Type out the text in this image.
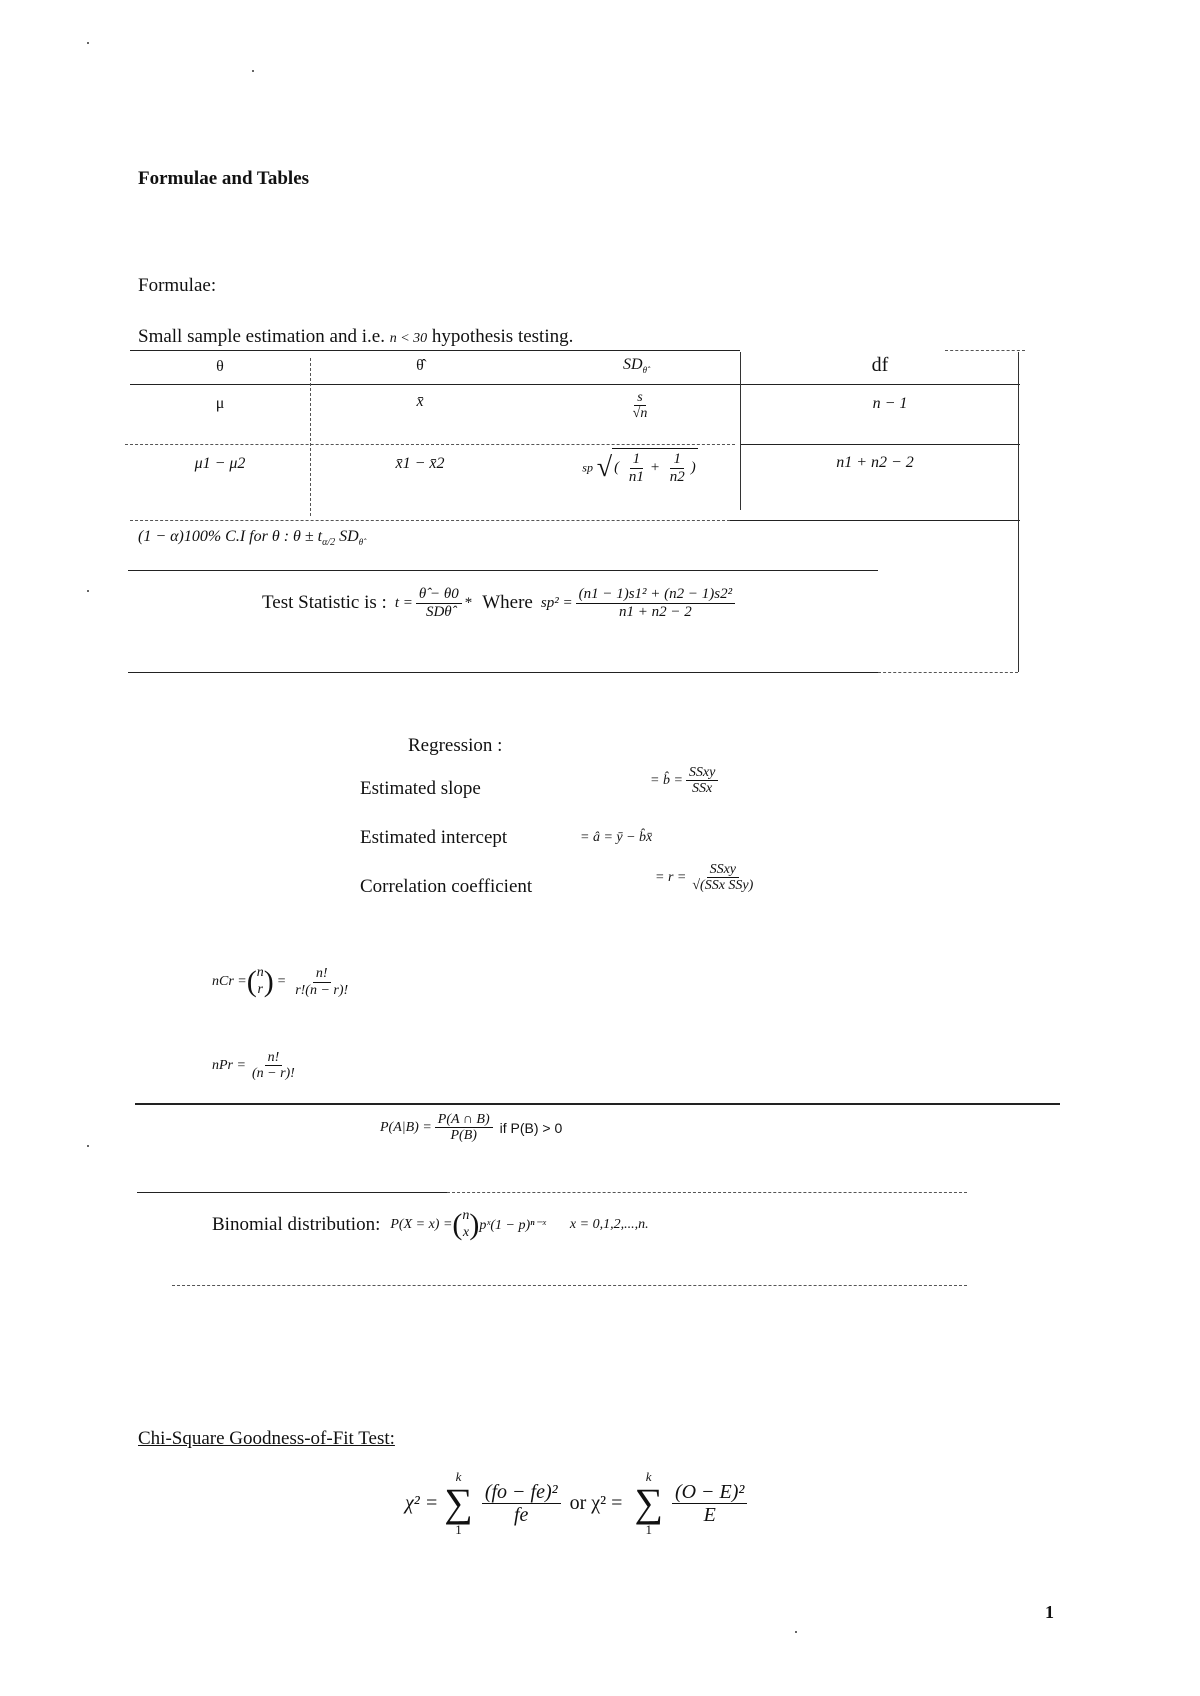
Formulae and Tables
Formulae:
Small sample estimation and i.e. n < 30 hypothesis testing.
θ	θ̂	$SD_{\thetâ}$	df
μ	x̄	$\frac{s}{√n}$	n − 1
μ1 − μ2	x̄1 − x̄2	sp √ ( $\frac{1}{n1} + \frac{1}{n2}$ )	n1 + n2 − 2
(1 − α)100% C.I for θ : $\theta \pm t_{\alpha/2}$ $SD_{\thetâ}$
Test Statistic is : $t = \frac{\thetâ - \theta 0}{\text{SDθ̂}}$ * Where $sp^2 = \frac{\text{(n1 − 1)s1² + (n2 − 1)s2²}}{n1 + n2 - 2}$
Regression :
Estimated slope	= b̂ = $\frac{\text{SSxy}}{\text{SSx}}$
Estimated intercept	= â = ȳ − b̂x̄
Correlation coefficient	= $r = \frac{\text{SSxy}}{\text{√(SSx SSy)}}$
nCr = ( n
r ) = $\frac{n!}{r!(n - r)!}$
nPr = $\frac{n!}{(n - r)!}$
$P(A|B) = \frac{P(A \cap B)}{P(B)}$ if P(B) > 0
Binomial distribution: P(X = x) = ( n
x ) pˣ(1 − p)ⁿ⁻ˣ x = 0,1,2,...,n.
Chi-Square Goodness-of-Fit Test:
χ² =
k
∑
1
$\frac{\text{(fo − fe)²}}{fe}$ or χ² =
k
∑
1
$\frac{\text{(O − E)²}}{E}$
1
